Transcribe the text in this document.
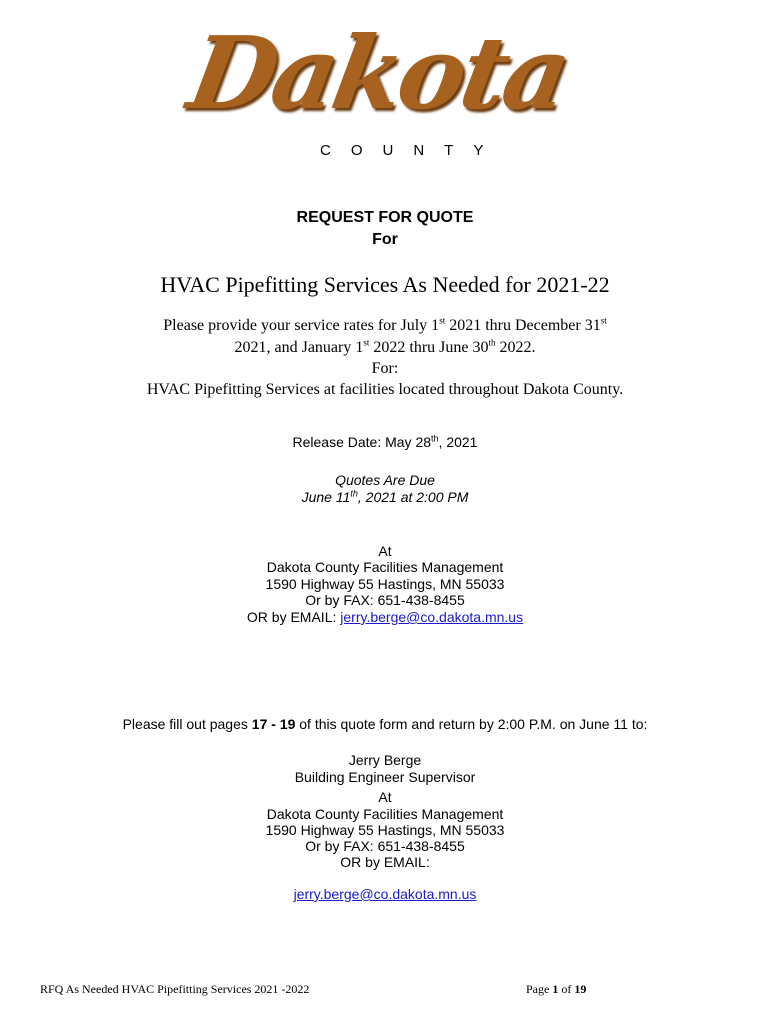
Dakota
COUNTY
REQUEST FOR QUOTE
For
HVAC Pipefitting Services As Needed for 2021-22
Please provide your service rates for July 1st 2021 thru December 31st
2021, and January 1st 2022 thru June 30th 2022.
For:
HVAC Pipefitting Services at facilities located throughout Dakota County.
Release Date: May 28th, 2021
Quotes Are Due
June 11th, 2021 at 2:00 PM
At
Dakota County Facilities Management
1590 Highway 55 Hastings, MN 55033
Or by FAX: 651-438-8455
OR by EMAIL: jerry.berge@co.dakota.mn.us
Please fill out pages 17 - 19 of this quote form and return by 2:00 P.M. on June 11 to:
Jerry Berge
Building Engineer Supervisor
At
Dakota County Facilities Management
1590 Highway 55 Hastings, MN 55033
Or by FAX: 651-438-8455
OR by EMAIL:
jerry.berge@co.dakota.mn.us
RFQ As Needed HVAC Pipefitting Services 2021 -2022	Page 1 of 19
